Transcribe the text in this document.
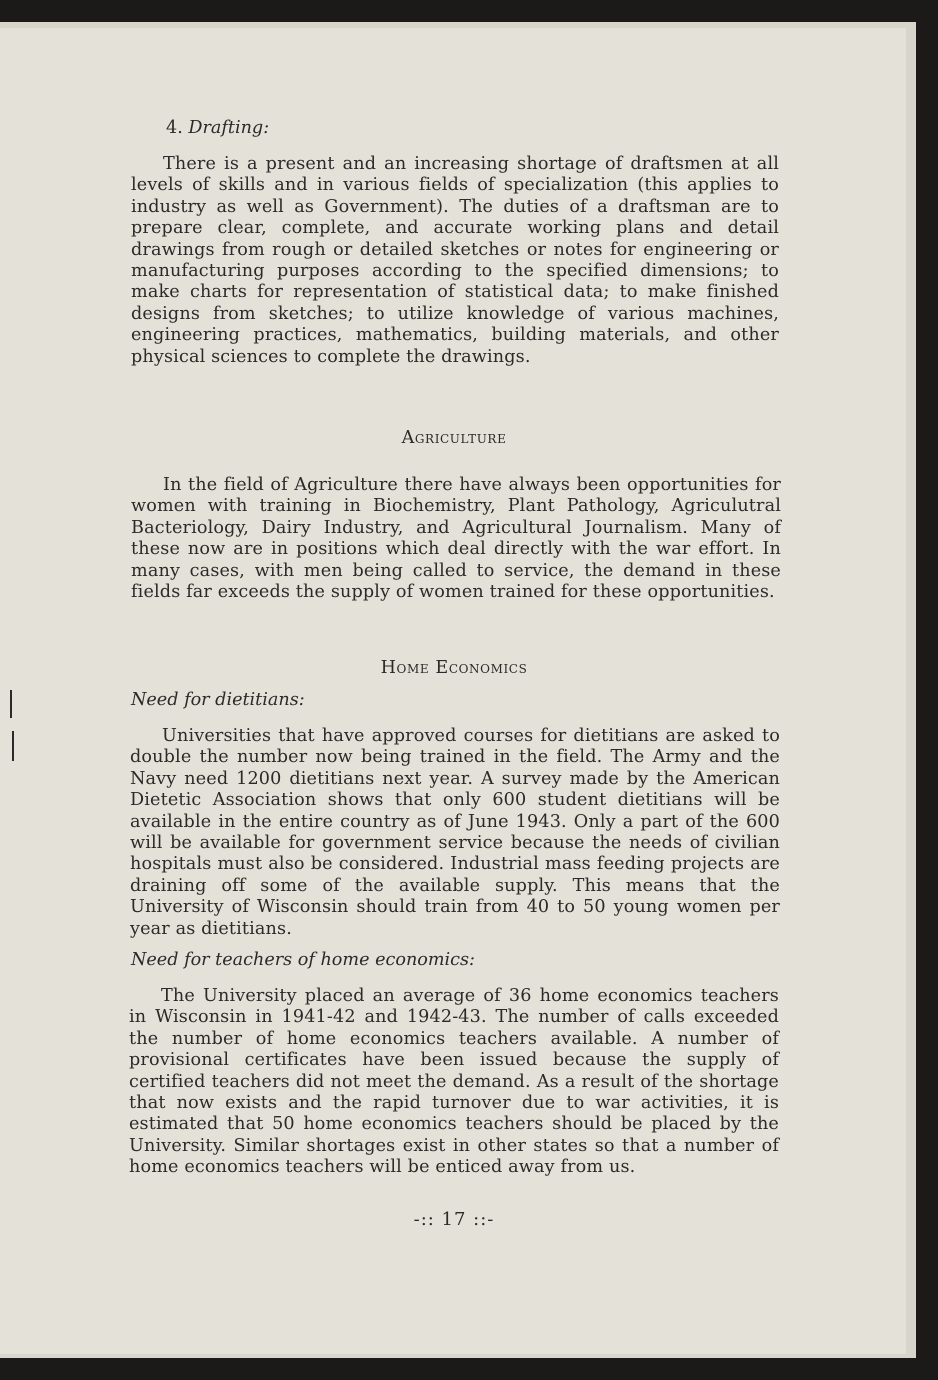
4. Drafting:

There is a present and an increasing shortage of draftsmen at all levels of skills and in various fields of specialization (this applies to industry as well as Government). The duties of a draftsman are to prepare clear, complete, and accurate working plans and detail drawings from rough or detailed sketches or notes for engineering or manufacturing purposes according to the specified dimensions; to make charts for representation of statistical data; to make finished designs from sketches; to utilize knowledge of various machines, engineering practices, mathematics, building materials, and other physical sciences to complete the drawings.

Agriculture

In the field of Agriculture there have always been opportunities for women with training in Biochemistry, Plant Pathology, Agriculutral Bacteriology, Dairy Industry, and Agricultural Journalism. Many of these now are in positions which deal directly with the war effort. In many cases, with men being called to service, the demand in these fields far exceeds the supply of women trained for these opportunities.

Home Economics
Need for dietitians:

Universities that have approved courses for dietitians are asked to double the number now being trained in the field. The Army and the Navy need 1200 dietitians next year. A survey made by the American Dietetic Association shows that only 600 student dietitians will be available in the entire country as of June 1943. Only a part of the 600 will be available for government service because the needs of civilian hospitals must also be considered. Industrial mass feeding projects are draining off some of the available supply. This means that the University of Wisconsin should train from 40 to 50 young women per year as dietitians.

Need for teachers of home economics:

The University placed an average of 36 home economics teachers in Wisconsin in 1941-42 and 1942-43. The number of calls exceeded the number of home economics teachers available. A number of provisional certificates have been issued because the supply of certified teachers did not meet the demand. As a result of the shortage that now exists and the rapid turnover due to war activities, it is estimated that 50 home economics teachers should be placed by the University. Similar shortages exist in other states so that a number of home economics teachers will be enticed away from us.

-:: 17 ::-
